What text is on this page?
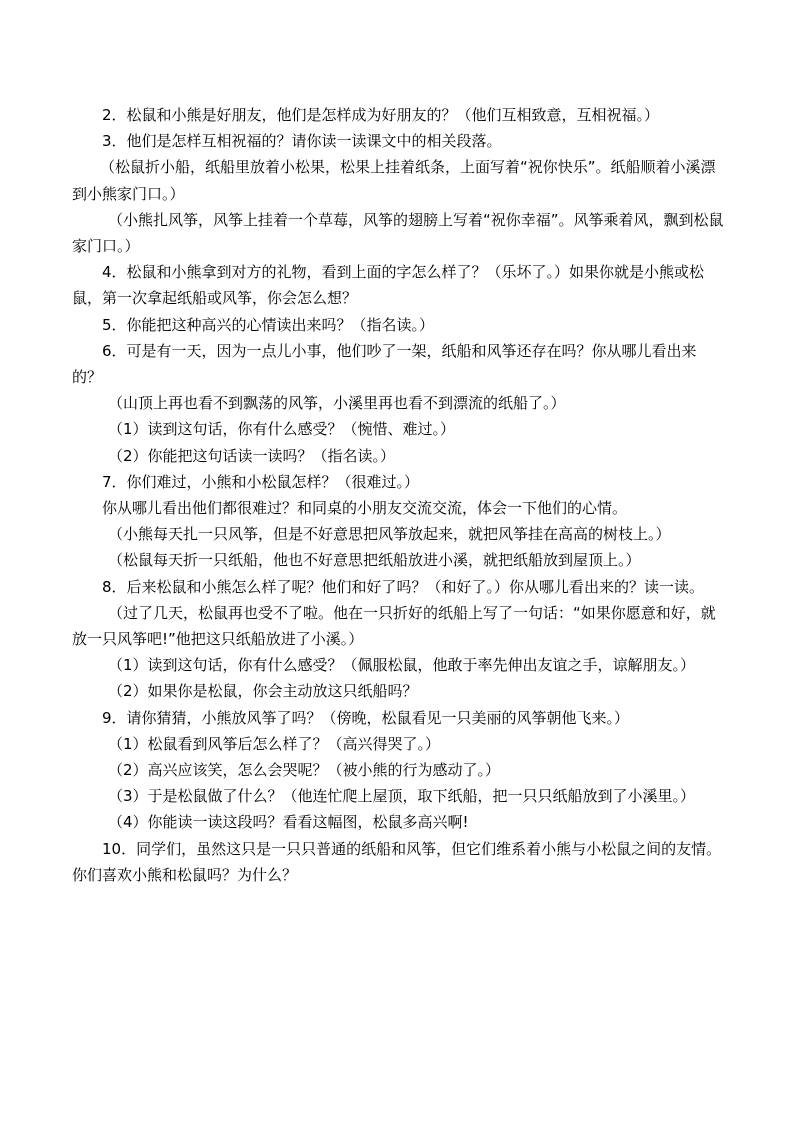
2．松鼠和小熊是好朋友，他们是怎样成为好朋友的？（他们互相致意，互相祝福。）
3．他们是怎样互相祝福的？请你读一读课文中的相关段落。
（松鼠折小船，纸船里放着小松果，松果上挂着纸条，上面写着“祝你快乐”。纸船顺着小溪漂到小熊家门口。）
（小熊扎风筝，风筝上挂着一个草莓，风筝的翅膀上写着“祝你幸福”。风筝乘着风，飘到松鼠家门口。）
4．松鼠和小熊拿到对方的礼物，看到上面的字怎么样了？（乐坏了。）如果你就是小熊或松鼠，第一次拿起纸船或风筝，你会怎么想？
5．你能把这种高兴的心情读出来吗？（指名读。）
6．可是有一天，因为一点儿小事，他们吵了一架，纸船和风筝还存在吗？你从哪儿看出来的？
（山顶上再也看不到飘荡的风筝，小溪里再也看不到漂流的纸船了。）
（1）读到这句话，你有什么感受？（惋惜、难过。）
（2）你能把这句话读一读吗？（指名读。）
7．你们难过，小熊和小松鼠怎样？（很难过。）
你从哪儿看出他们都很难过？和同桌的小朋友交流交流，体会一下他们的心情。
（小熊每天扎一只风筝，但是不好意思把风筝放起来，就把风筝挂在高高的树枝上。）
（松鼠每天折一只纸船，他也不好意思把纸船放进小溪，就把纸船放到屋顶上。）
8．后来松鼠和小熊怎么样了呢？他们和好了吗？（和好了。）你从哪儿看出来的？读一读。
（过了几天，松鼠再也受不了啦。他在一只折好的纸船上写了一句话：“如果你愿意和好，就放一只风筝吧!”他把这只纸船放进了小溪。）
（1）读到这句话，你有什么感受？（佩服松鼠，他敢于率先伸出友谊之手，谅解朋友。）
（2）如果你是松鼠，你会主动放这只纸船吗？
9．请你猜猜，小熊放风筝了吗？（傍晚，松鼠看见一只美丽的风筝朝他飞来。）
（1）松鼠看到风筝后怎么样了？（高兴得哭了。）
（2）高兴应该笑，怎么会哭呢？（被小熊的行为感动了。）
（3）于是松鼠做了什么？（他连忙爬上屋顶，取下纸船，把一只只纸船放到了小溪里。）
（4）你能读一读这段吗？看看这幅图，松鼠多高兴啊!
10．同学们，虽然这只是一只只普通的纸船和风筝，但它们维系着小熊与小松鼠之间的友情。你们喜欢小熊和松鼠吗？为什么？
